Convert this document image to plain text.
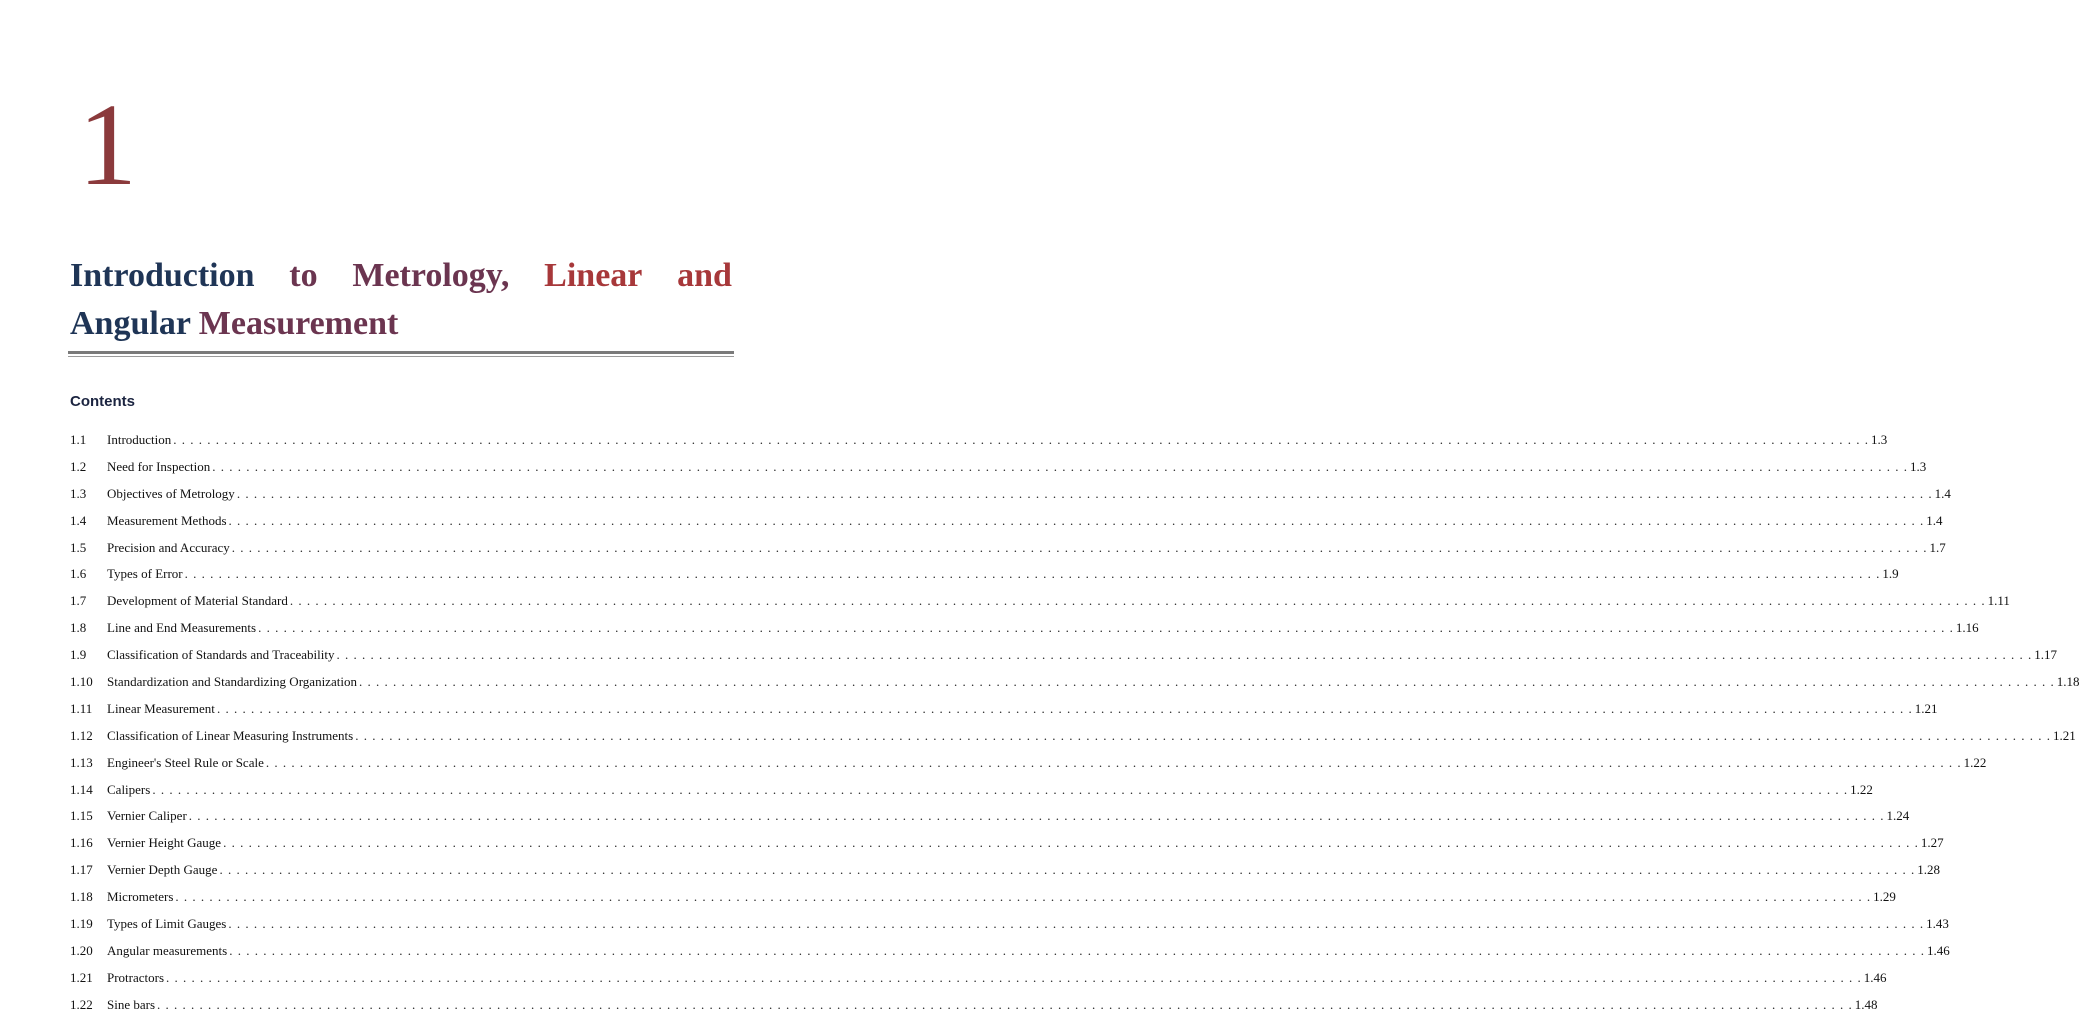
1
Introduction to Metrology, Linear and
Angular Measurement
Contents
1.1	Introduction . . . . . . . . . . . . . . . . . . . . . . . . . . . . . . . . . . . . . . . . . . . . . . . . . . . . . . . . . . . . . . . . . . . . . . . . . . . . . . . . . . . . . . . . . . . . . . . . . . . . . . . . . . . . . . . . . . . . . . . . . . . . . . . . . . . . . . . . . . . . . . . . . . . . . . . . . . . . . . . . . . . . . . . . . . . . . . . . . . . . . . . . . . . . . . . . . . . . . . . . 1.3
1.2	Need for Inspection . . . . . . . . . . . . . . . . . . . . . . . . . . . . . . . . . . . . . . . . . . . . . . . . . . . . . . . . . . . . . . . . . . . . . . . . . . . . . . . . . . . . . . . . . . . . . . . . . . . . . . . . . . . . . . . . . . . . . . . . . . . . . . . . . . . . . . . . . . . . . . . . . . . . . . . . . . . . . . . . . . . . . . . . . . . . . . . . . . . . . . . . . . . . . . . . . . . . . . . . 1.3
1.3	Objectives of Metrology . . . . . . . . . . . . . . . . . . . . . . . . . . . . . . . . . . . . . . . . . . . . . . . . . . . . . . . . . . . . . . . . . . . . . . . . . . . . . . . . . . . . . . . . . . . . . . . . . . . . . . . . . . . . . . . . . . . . . . . . . . . . . . . . . . . . . . . . . . . . . . . . . . . . . . . . . . . . . . . . . . . . . . . . . . . . . . . . . . . . . . . . . . . . . . . . . . . . . . . . 1.4
1.4	Measurement Methods . . . . . . . . . . . . . . . . . . . . . . . . . . . . . . . . . . . . . . . . . . . . . . . . . . . . . . . . . . . . . . . . . . . . . . . . . . . . . . . . . . . . . . . . . . . . . . . . . . . . . . . . . . . . . . . . . . . . . . . . . . . . . . . . . . . . . . . . . . . . . . . . . . . . . . . . . . . . . . . . . . . . . . . . . . . . . . . . . . . . . . . . . . . . . . . . . . . . . . . . 1.4
1.5	Precision and Accuracy . . . . . . . . . . . . . . . . . . . . . . . . . . . . . . . . . . . . . . . . . . . . . . . . . . . . . . . . . . . . . . . . . . . . . . . . . . . . . . . . . . . . . . . . . . . . . . . . . . . . . . . . . . . . . . . . . . . . . . . . . . . . . . . . . . . . . . . . . . . . . . . . . . . . . . . . . . . . . . . . . . . . . . . . . . . . . . . . . . . . . . . . . . . . . . . . . . . . . . . . 1.7
1.6	Types of Error . . . . . . . . . . . . . . . . . . . . . . . . . . . . . . . . . . . . . . . . . . . . . . . . . . . . . . . . . . . . . . . . . . . . . . . . . . . . . . . . . . . . . . . . . . . . . . . . . . . . . . . . . . . . . . . . . . . . . . . . . . . . . . . . . . . . . . . . . . . . . . . . . . . . . . . . . . . . . . . . . . . . . . . . . . . . . . . . . . . . . . . . . . . . . . . . . . . . . . . . 1.9
1.7	Development of Material Standard . . . . . . . . . . . . . . . . . . . . . . . . . . . . . . . . . . . . . . . . . . . . . . . . . . . . . . . . . . . . . . . . . . . . . . . . . . . . . . . . . . . . . . . . . . . . . . . . . . . . . . . . . . . . . . . . . . . . . . . . . . . . . . . . . . . . . . . . . . . . . . . . . . . . . . . . . . . . . . . . . . . . . . . . . . . . . . . . . . . . . . . . . . . . . . . . . . . . . . . . 1.11
1.8	Line and End Measurements . . . . . . . . . . . . . . . . . . . . . . . . . . . . . . . . . . . . . . . . . . . . . . . . . . . . . . . . . . . . . . . . . . . . . . . . . . . . . . . . . . . . . . . . . . . . . . . . . . . . . . . . . . . . . . . . . . . . . . . . . . . . . . . . . . . . . . . . . . . . . . . . . . . . . . . . . . . . . . . . . . . . . . . . . . . . . . . . . . . . . . . . . . . . . . . . . . . . . . . . 1.16
1.9	Classification of Standards and Traceability . . . . . . . . . . . . . . . . . . . . . . . . . . . . . . . . . . . . . . . . . . . . . . . . . . . . . . . . . . . . . . . . . . . . . . . . . . . . . . . . . . . . . . . . . . . . . . . . . . . . . . . . . . . . . . . . . . . . . . . . . . . . . . . . . . . . . . . . . . . . . . . . . . . . . . . . . . . . . . . . . . . . . . . . . . . . . . . . . . . . . . . . . . . . . . . . . . . . . . . . 1.17
1.10	Standardization and Standardizing Organization . . . . . . . . . . . . . . . . . . . . . . . . . . . . . . . . . . . . . . . . . . . . . . . . . . . . . . . . . . . . . . . . . . . . . . . . . . . . . . . . . . . . . . . . . . . . . . . . . . . . . . . . . . . . . . . . . . . . . . . . . . . . . . . . . . . . . . . . . . . . . . . . . . . . . . . . . . . . . . . . . . . . . . . . . . . . . . . . . . . . . . . . . . . . . . . . . . . . . . . . 1.18
1.11	Linear Measurement . . . . . . . . . . . . . . . . . . . . . . . . . . . . . . . . . . . . . . . . . . . . . . . . . . . . . . . . . . . . . . . . . . . . . . . . . . . . . . . . . . . . . . . . . . . . . . . . . . . . . . . . . . . . . . . . . . . . . . . . . . . . . . . . . . . . . . . . . . . . . . . . . . . . . . . . . . . . . . . . . . . . . . . . . . . . . . . . . . . . . . . . . . . . . . . . . . . . . . . . 1.21
1.12	Classification of Linear Measuring Instruments . . . . . . . . . . . . . . . . . . . . . . . . . . . . . . . . . . . . . . . . . . . . . . . . . . . . . . . . . . . . . . . . . . . . . . . . . . . . . . . . . . . . . . . . . . . . . . . . . . . . . . . . . . . . . . . . . . . . . . . . . . . . . . . . . . . . . . . . . . . . . . . . . . . . . . . . . . . . . . . . . . . . . . . . . . . . . . . . . . . . . . . . . . . . . . . . . . . . . . . . 1.21
1.13	Engineer's Steel Rule or Scale . . . . . . . . . . . . . . . . . . . . . . . . . . . . . . . . . . . . . . . . . . . . . . . . . . . . . . . . . . . . . . . . . . . . . . . . . . . . . . . . . . . . . . . . . . . . . . . . . . . . . . . . . . . . . . . . . . . . . . . . . . . . . . . . . . . . . . . . . . . . . . . . . . . . . . . . . . . . . . . . . . . . . . . . . . . . . . . . . . . . . . . . . . . . . . . . . . . . . . . . 1.22
1.14	Calipers . . . . . . . . . . . . . . . . . . . . . . . . . . . . . . . . . . . . . . . . . . . . . . . . . . . . . . . . . . . . . . . . . . . . . . . . . . . . . . . . . . . . . . . . . . . . . . . . . . . . . . . . . . . . . . . . . . . . . . . . . . . . . . . . . . . . . . . . . . . . . . . . . . . . . . . . . . . . . . . . . . . . . . . . . . . . . . . . . . . . . . . . . . . . . . . . . . . . . . . . 1.22
1.15	Vernier Caliper . . . . . . . . . . . . . . . . . . . . . . . . . . . . . . . . . . . . . . . . . . . . . . . . . . . . . . . . . . . . . . . . . . . . . . . . . . . . . . . . . . . . . . . . . . . . . . . . . . . . . . . . . . . . . . . . . . . . . . . . . . . . . . . . . . . . . . . . . . . . . . . . . . . . . . . . . . . . . . . . . . . . . . . . . . . . . . . . . . . . . . . . . . . . . . . . . . . . . . . . 1.24
1.16	Vernier Height Gauge . . . . . . . . . . . . . . . . . . . . . . . . . . . . . . . . . . . . . . . . . . . . . . . . . . . . . . . . . . . . . . . . . . . . . . . . . . . . . . . . . . . . . . . . . . . . . . . . . . . . . . . . . . . . . . . . . . . . . . . . . . . . . . . . . . . . . . . . . . . . . . . . . . . . . . . . . . . . . . . . . . . . . . . . . . . . . . . . . . . . . . . . . . . . . . . . . . . . . . . . 1.27
1.17	Vernier Depth Gauge . . . . . . . . . . . . . . . . . . . . . . . . . . . . . . . . . . . . . . . . . . . . . . . . . . . . . . . . . . . . . . . . . . . . . . . . . . . . . . . . . . . . . . . . . . . . . . . . . . . . . . . . . . . . . . . . . . . . . . . . . . . . . . . . . . . . . . . . . . . . . . . . . . . . . . . . . . . . . . . . . . . . . . . . . . . . . . . . . . . . . . . . . . . . . . . . . . . . . . . . 1.28
1.18	Micrometers . . . . . . . . . . . . . . . . . . . . . . . . . . . . . . . . . . . . . . . . . . . . . . . . . . . . . . . . . . . . . . . . . . . . . . . . . . . . . . . . . . . . . . . . . . . . . . . . . . . . . . . . . . . . . . . . . . . . . . . . . . . . . . . . . . . . . . . . . . . . . . . . . . . . . . . . . . . . . . . . . . . . . . . . . . . . . . . . . . . . . . . . . . . . . . . . . . . . . . . . 1.29
1.19	Types of Limit Gauges . . . . . . . . . . . . . . . . . . . . . . . . . . . . . . . . . . . . . . . . . . . . . . . . . . . . . . . . . . . . . . . . . . . . . . . . . . . . . . . . . . . . . . . . . . . . . . . . . . . . . . . . . . . . . . . . . . . . . . . . . . . . . . . . . . . . . . . . . . . . . . . . . . . . . . . . . . . . . . . . . . . . . . . . . . . . . . . . . . . . . . . . . . . . . . . . . . . . . . . . 1.43
1.20	Angular measurements . . . . . . . . . . . . . . . . . . . . . . . . . . . . . . . . . . . . . . . . . . . . . . . . . . . . . . . . . . . . . . . . . . . . . . . . . . . . . . . . . . . . . . . . . . . . . . . . . . . . . . . . . . . . . . . . . . . . . . . . . . . . . . . . . . . . . . . . . . . . . . . . . . . . . . . . . . . . . . . . . . . . . . . . . . . . . . . . . . . . . . . . . . . . . . . . . . . . . . . . 1.46
1.21	Protractors . . . . . . . . . . . . . . . . . . . . . . . . . . . . . . . . . . . . . . . . . . . . . . . . . . . . . . . . . . . . . . . . . . . . . . . . . . . . . . . . . . . . . . . . . . . . . . . . . . . . . . . . . . . . . . . . . . . . . . . . . . . . . . . . . . . . . . . . . . . . . . . . . . . . . . . . . . . . . . . . . . . . . . . . . . . . . . . . . . . . . . . . . . . . . . . . . . . . . . . . 1.46
1.22	Sine bars . . . . . . . . . . . . . . . . . . . . . . . . . . . . . . . . . . . . . . . . . . . . . . . . . . . . . . . . . . . . . . . . . . . . . . . . . . . . . . . . . . . . . . . . . . . . . . . . . . . . . . . . . . . . . . . . . . . . . . . . . . . . . . . . . . . . . . . . . . . . . . . . . . . . . . . . . . . . . . . . . . . . . . . . . . . . . . . . . . . . . . . . . . . . . . . . . . . . . . . . 1.48
